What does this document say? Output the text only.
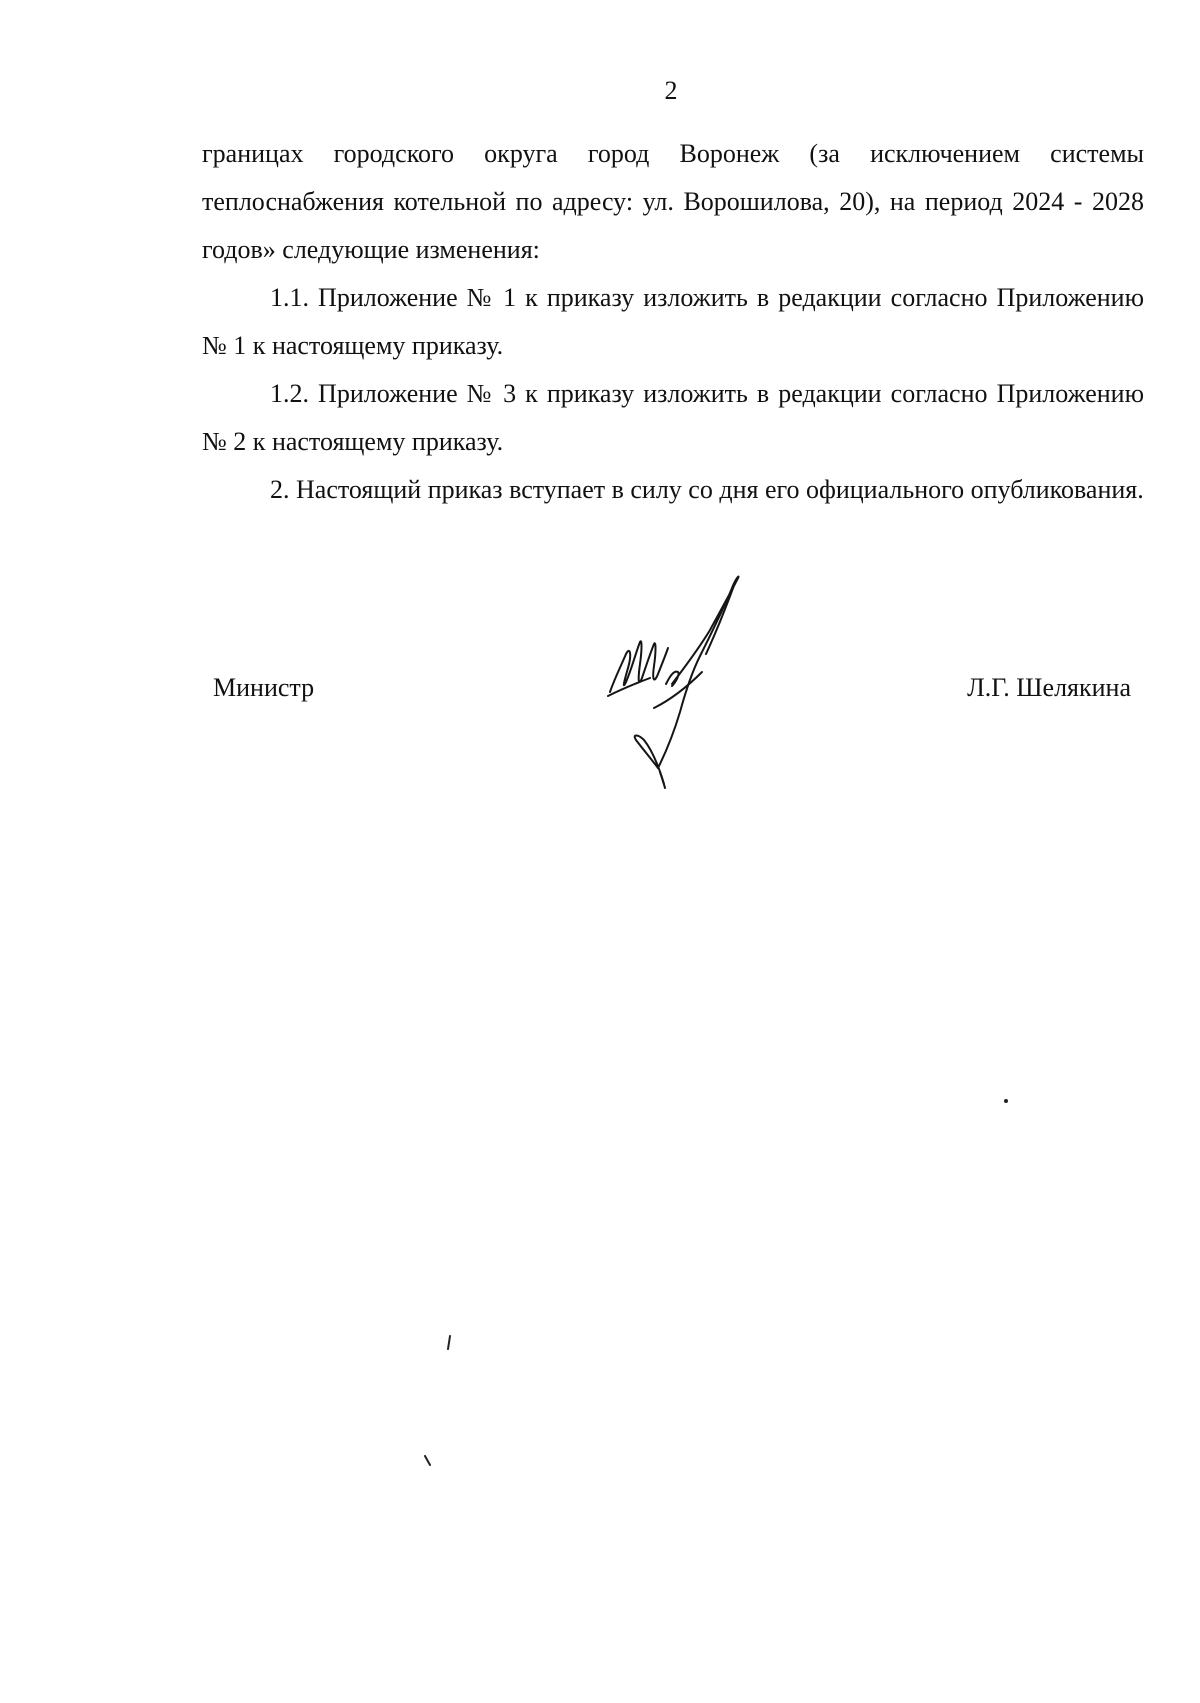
2

границах городского округа город Воронеж (за исключением системы теплоснабжения котельной по адресу: ул. Ворошилова, 20), на период 2024 - 2028 годов» следующие изменения:

1.1. Приложение № 1 к приказу изложить в редакции согласно Приложению № 1 к настоящему приказу.

1.2. Приложение № 3 к приказу изложить в редакции согласно Приложению № 2 к настоящему приказу.

2. Настоящий приказ вступает в силу со дня его официального опубликования.

Министр	Л.Г. Шелякина
